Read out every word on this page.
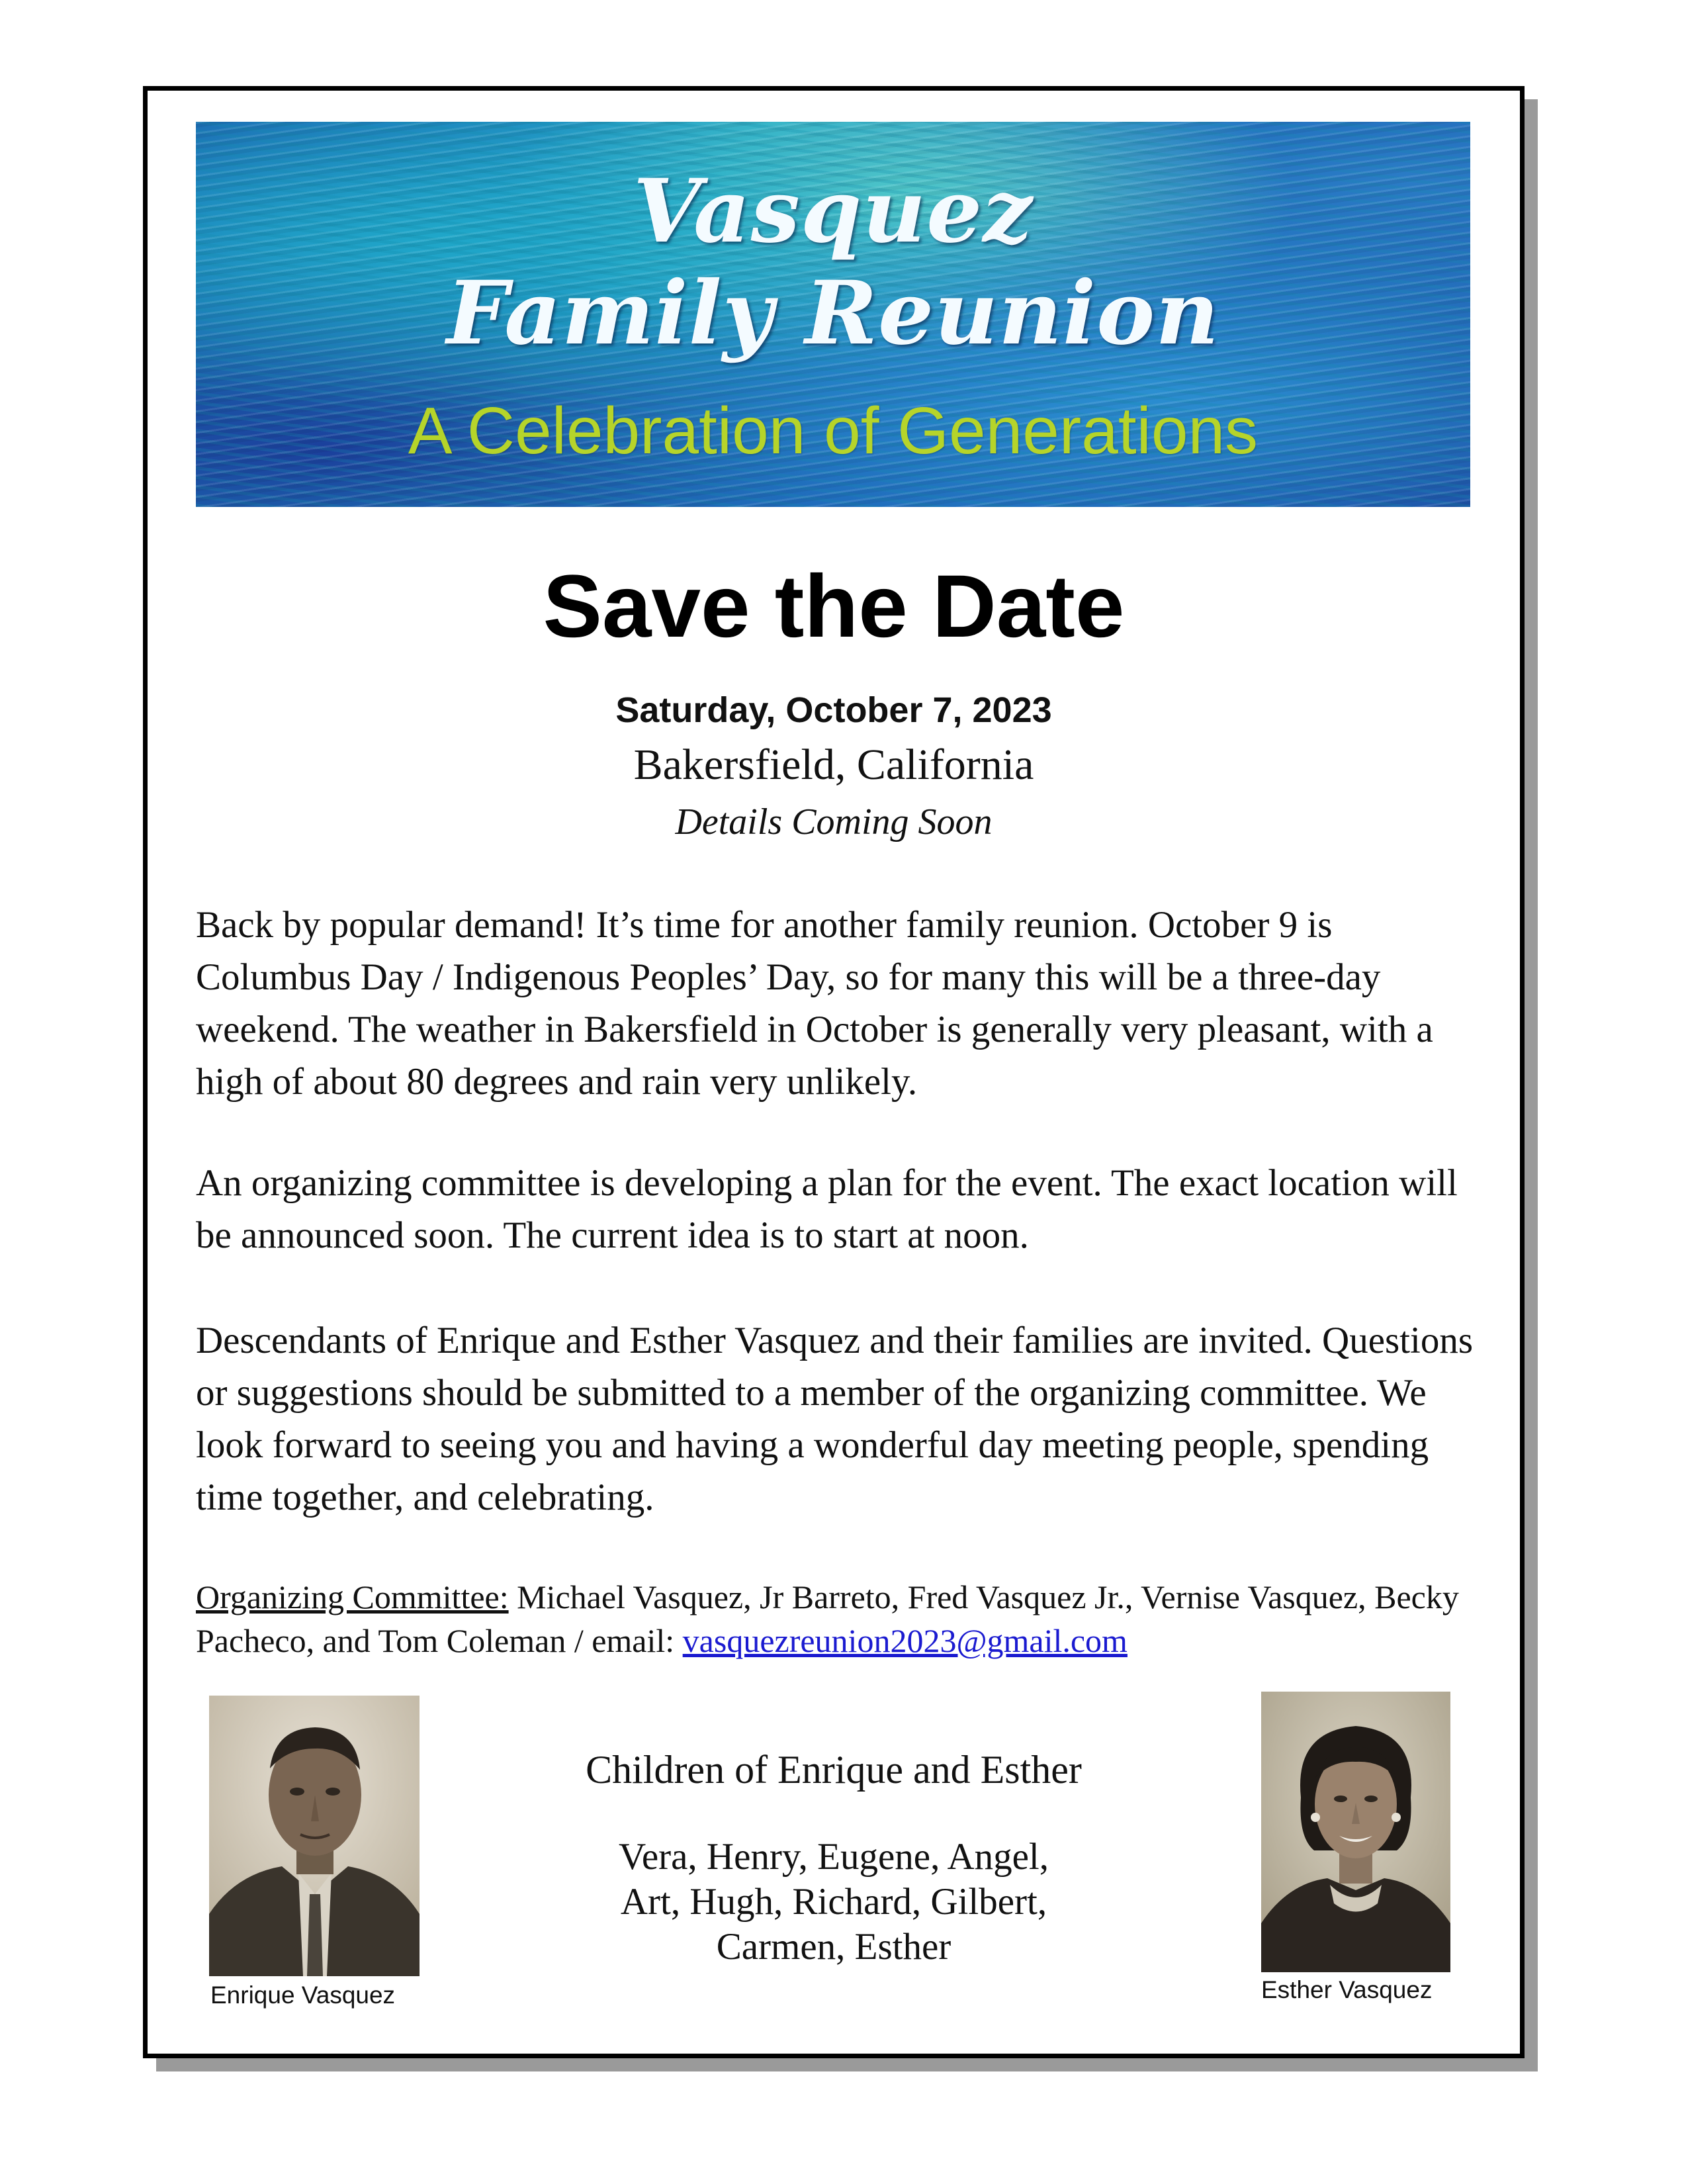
Vasquez
Family Reunion
A Celebration of Generations
Save the Date
Saturday, October 7, 2023
Bakersfield, California
Details Coming Soon

Back by popular demand! It’s time for another family reunion. October 9 is Columbus Day / Indigenous Peoples’ Day, so for many this will be a three-day weekend. The weather in Bakersfield in October is generally very pleasant, with a high of about 80 degrees and rain very unlikely.

An organizing committee is developing a plan for the event. The exact location will be announced soon. The current idea is to start at noon.

Descendants of Enrique and Esther Vasquez and their families are invited. Questions or suggestions should be submitted to a member of the organizing committee. We look forward to seeing you and having a wonderful day meeting people, spending time together, and celebrating.

Organizing Committee: Michael Vasquez, Jr Barreto, Fred Vasquez Jr., Vernise Vasquez, Becky Pacheco, and Tom Coleman / email: vasquezreunion2023@gmail.com
Enrique Vasquez	Esther Vasquez
Children of Enrique and Esther
Vera, Henry, Eugene, Angel,
Art, Hugh, Richard, Gilbert,
Carmen, Esther
